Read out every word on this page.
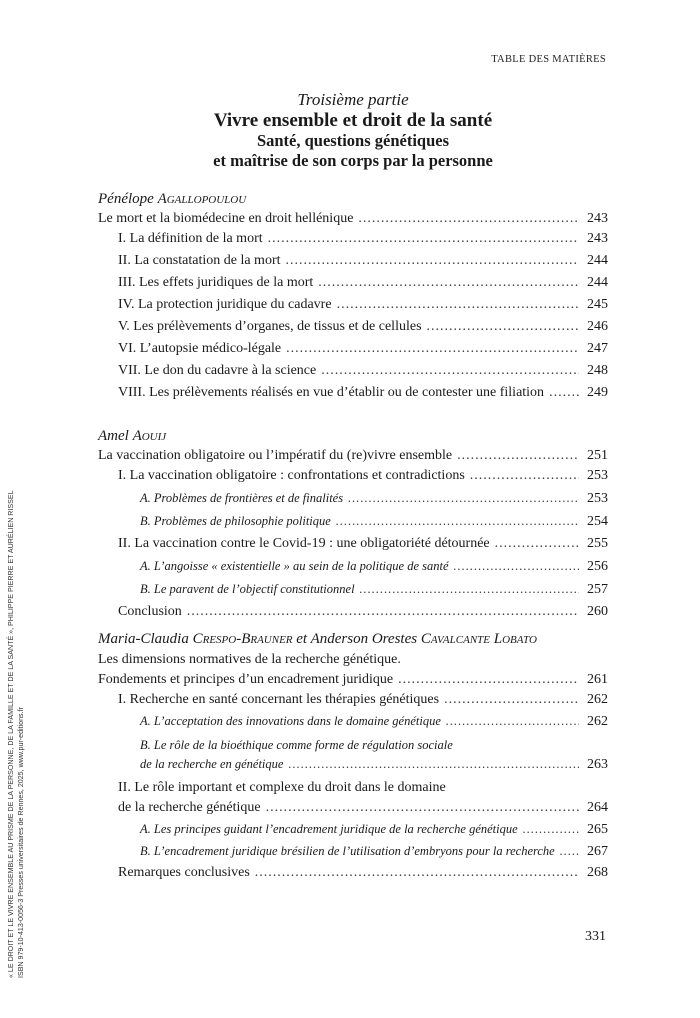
TABLE DES MATIÈRES
« LE DROIT ET LE VIVRE ENSEMBLE AU PRISME DE LA PERSONNE, DE LA FAMILLE ET DE LA SANTÉ », PHILIPPE PIERRE ET AURÉLIEN RISSEL ISBN 979-10-413-0056-3 Presses universitaires de Rennes, 2025, www.pur-editions.fr
Troisième partie
Vivre ensemble et droit de la santé
Santé, questions génétiques
et maîtrise de son corps par la personne
Pénélope Agallopoulou
Le mort et la biomédecine en droit hellénique .....	243
I. La définition de la mort .....	243
II. La constatation de la mort .....	244
III. Les effets juridiques de la mort .....	244
IV. La protection juridique du cadavre .....	245
V. Les prélèvements d’organes, de tissus et de cellules .....	246
VI. L’autopsie médico-légale .....	247
VII. Le don du cadavre à la science .....	248
VIII. Les prélèvements réalisés en vue d’établir ou de contester une filiation .....	249
Amel Aouij
La vaccination obligatoire ou l’impératif du (re)vivre ensemble .....	251
I. La vaccination obligatoire : confrontations et contradictions .....	253
A. Problèmes de frontières et de finalités .....	253
B. Problèmes de philosophie politique .....	254
II. La vaccination contre le Covid-19 : une obligatoriété détournée .....	255
A. L’angoisse « existentielle » au sein de la politique de santé .....	256
B. Le paravent de l’objectif constitutionnel .....	257
Conclusion .....	260
Maria-Claudia Crespo-Brauner et Anderson Orestes Cavalcante Lobato
Les dimensions normatives de la recherche génétique.
Fondements et principes d’un encadrement juridique .....	261
I. Recherche en santé concernant les thérapies génétiques .....	262
A. L’acceptation des innovations dans le domaine génétique .....	262
B. Le rôle de la bioéthique comme forme de régulation sociale
de la recherche en génétique .....	263
II. Le rôle important et complexe du droit dans le domaine
de la recherche génétique .....	264
A. Les principes guidant l’encadrement juridique de la recherche génétique .....	265
B. L’encadrement juridique brésilien de l’utilisation d’embryons pour la recherche ..... 267
Remarques conclusives .....	268
331
